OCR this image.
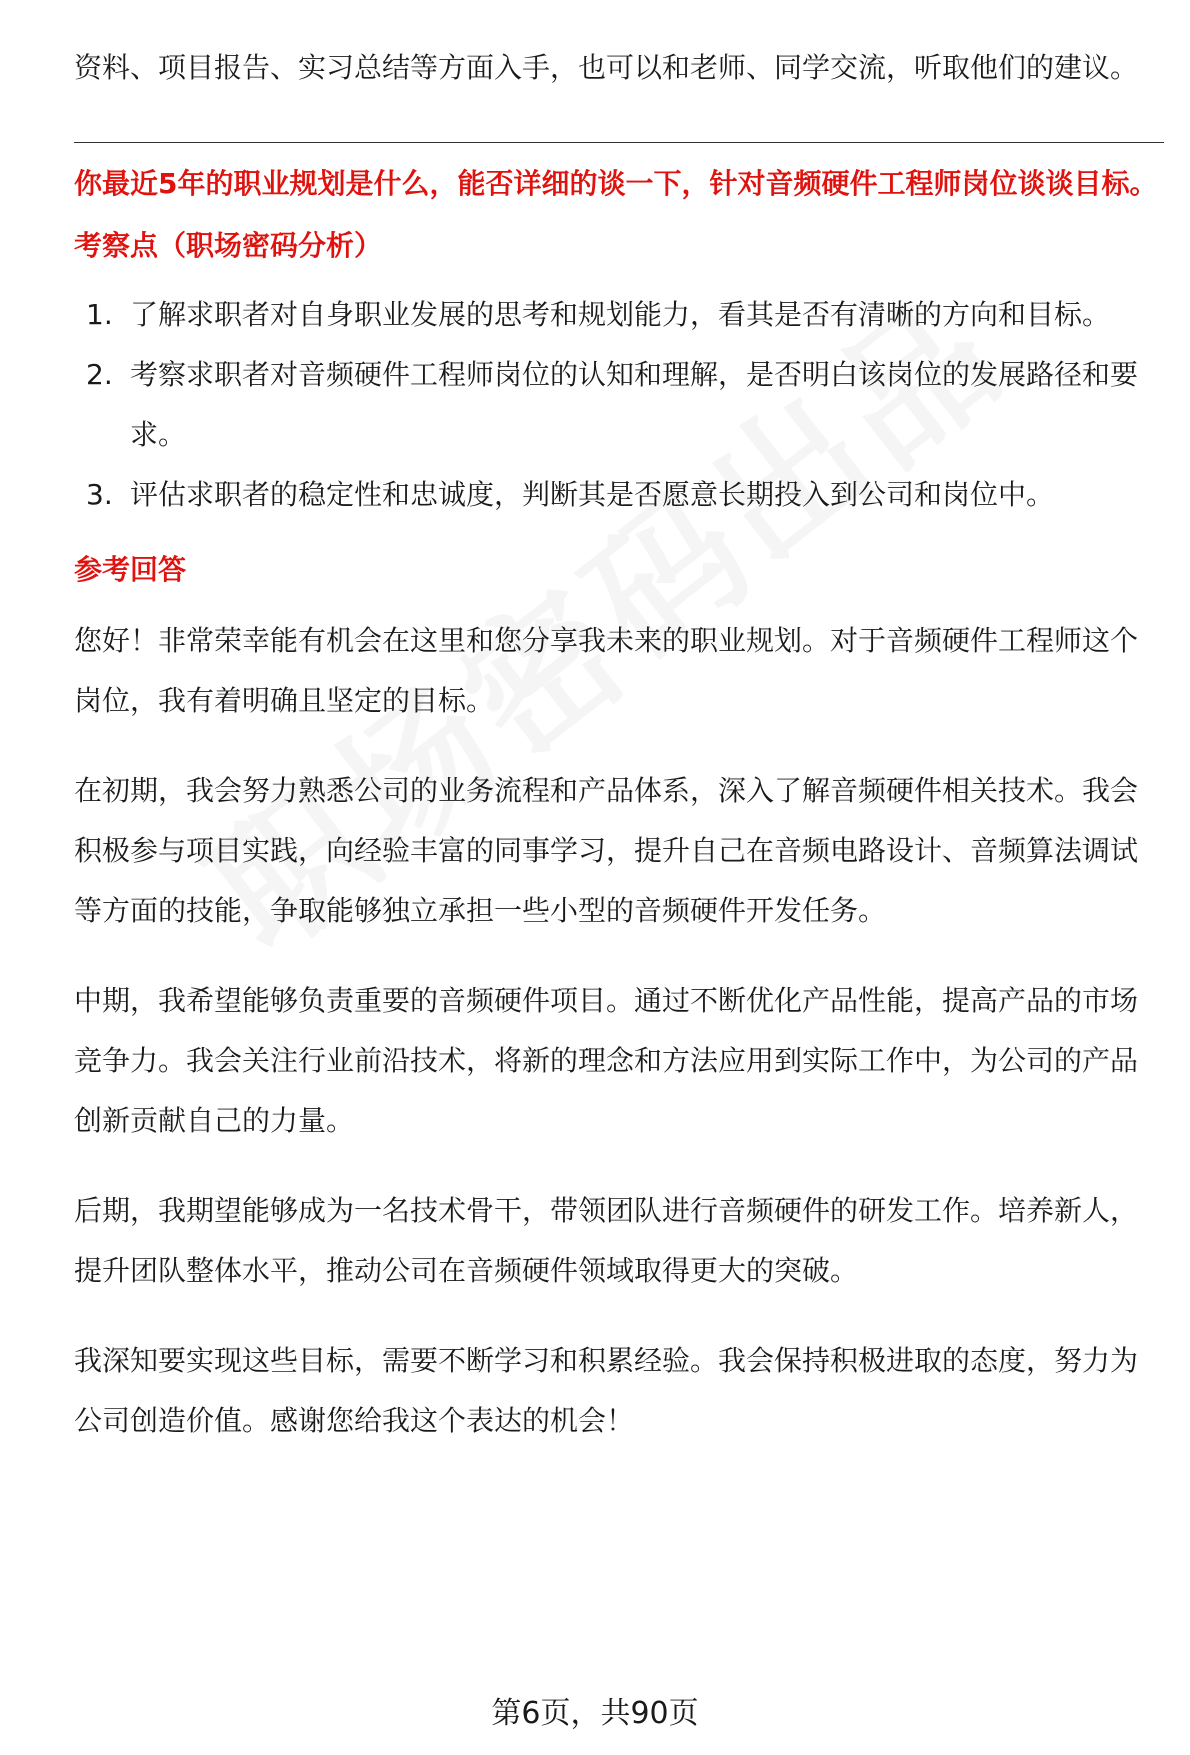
资料、项目报告、实习总结等方面入手，也可以和老师、同学交流，听取他们的建议。

你最近5年的职业规划是什么，能否详细的谈一下，针对音频硬件工程师岗位谈谈目标。

考察点（职场密码分析）

1. 了解求职者对自身职业发展的思考和规划能力，看其是否有清晰的方向和目标。
2. 考察求职者对音频硬件工程师岗位的认知和理解，是否明白该岗位的发展路径和要求。
3. 评估求职者的稳定性和忠诚度，判断其是否愿意长期投入到公司和岗位中。

参考回答

您好！非常荣幸能有机会在这里和您分享我未来的职业规划。对于音频硬件工程师这个岗位，我有着明确且坚定的目标。

在初期，我会努力熟悉公司的业务流程和产品体系，深入了解音频硬件相关技术。我会积极参与项目实践，向经验丰富的同事学习，提升自己在音频电路设计、音频算法调试等方面的技能，争取能够独立承担一些小型的音频硬件开发任务。

中期，我希望能够负责重要的音频硬件项目。通过不断优化产品性能，提高产品的市场竞争力。我会关注行业前沿技术，将新的理念和方法应用到实际工作中，为公司的产品创新贡献自己的力量。

后期，我期望能够成为一名技术骨干，带领团队进行音频硬件的研发工作。培养新人，提升团队整体水平，推动公司在音频硬件领域取得更大的突破。

我深知要实现这些目标，需要不断学习和积累经验。我会保持积极进取的态度，努力为公司创造价值。感谢您给我这个表达的机会！

第6页，共90页
